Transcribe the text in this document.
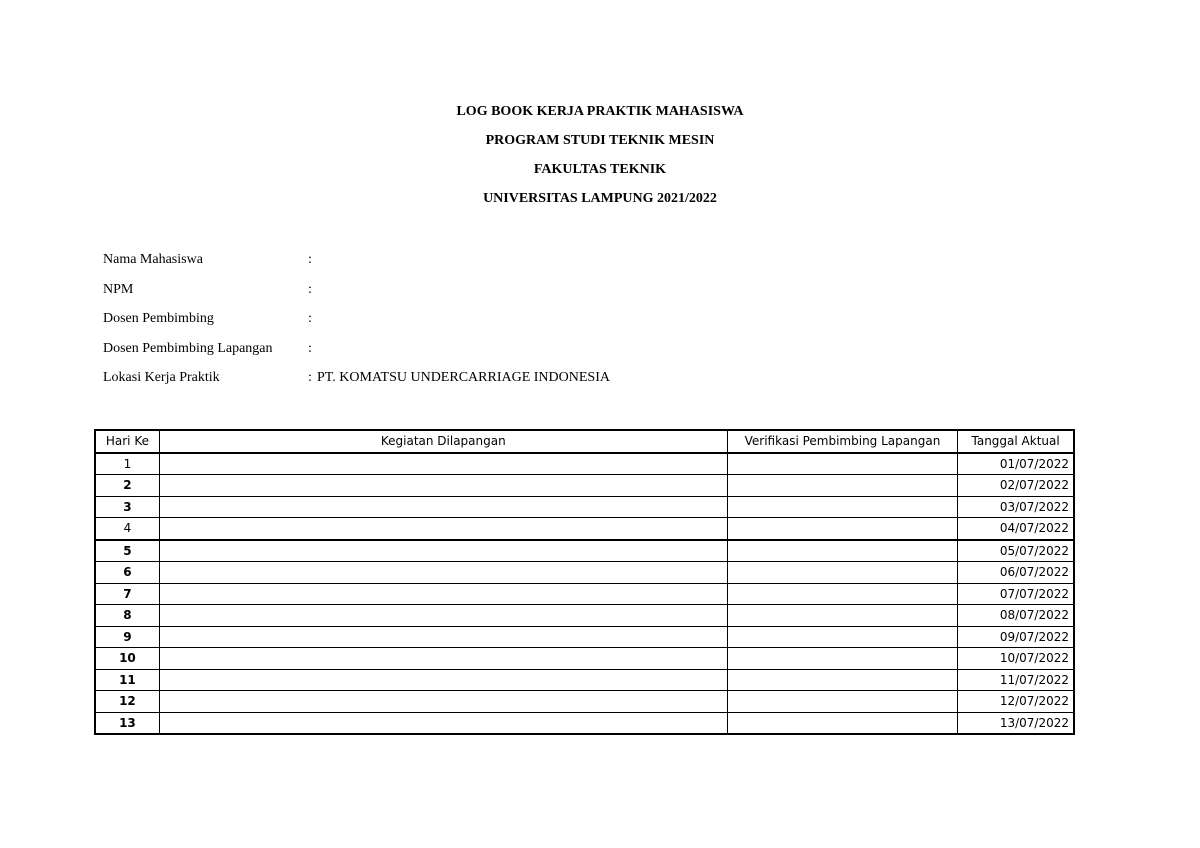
LOG BOOK KERJA PRAKTIK MAHASISWA
PROGRAM STUDI TEKNIK MESIN
FAKULTAS TEKNIK
UNIVERSITAS LAMPUNG 2021/2022
Nama Mahasiswa	:
NPM	:
Dosen Pembimbing	:
Dosen Pembimbing Lapangan	:
Lokasi Kerja Praktik	: PT. KOMATSU UNDERCARRIAGE INDONESIA
Hari Ke	Kegiatan Dilapangan	Verifikasi Pembimbing Lapangan	Tanggal Aktual
1			01/07/2022
2			02/07/2022
3			03/07/2022
4			04/07/2022
5			05/07/2022
6			06/07/2022
7			07/07/2022
8			08/07/2022
9			09/07/2022
10			10/07/2022
11			11/07/2022
12			12/07/2022
13			13/07/2022
